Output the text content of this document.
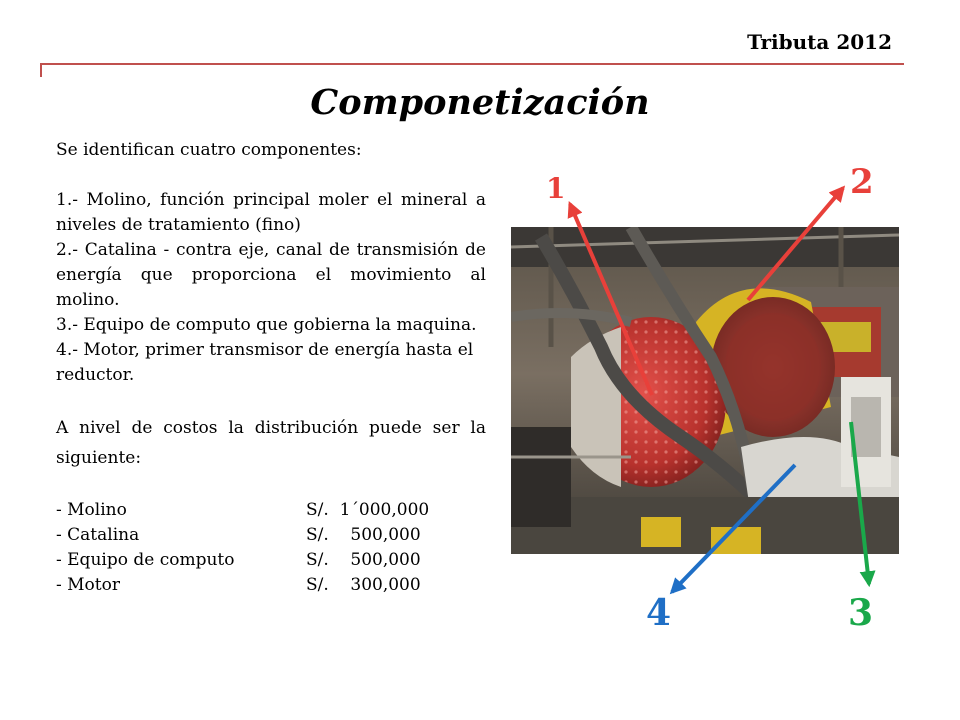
Tributa 2012
Componetización

Se identifican cuatro componentes:

1.- Molino, función principal moler el mineral a niveles de tratamiento (fino)

2.- Catalina - contra eje, canal de transmisión de energía que proporciona el movimiento al molino.

3.- Equipo de computo que gobierna la maquina.

4.- Motor, primer transmisor de energía hasta el reductor.

A nivel de costos la distribución puede ser la siguiente:

- Molino	S/.  1´000,000
- Catalina	S/.    500,000
- Equipo de computo	S/.    500,000
- Motor	S/.    300,000
1	2
3
4
